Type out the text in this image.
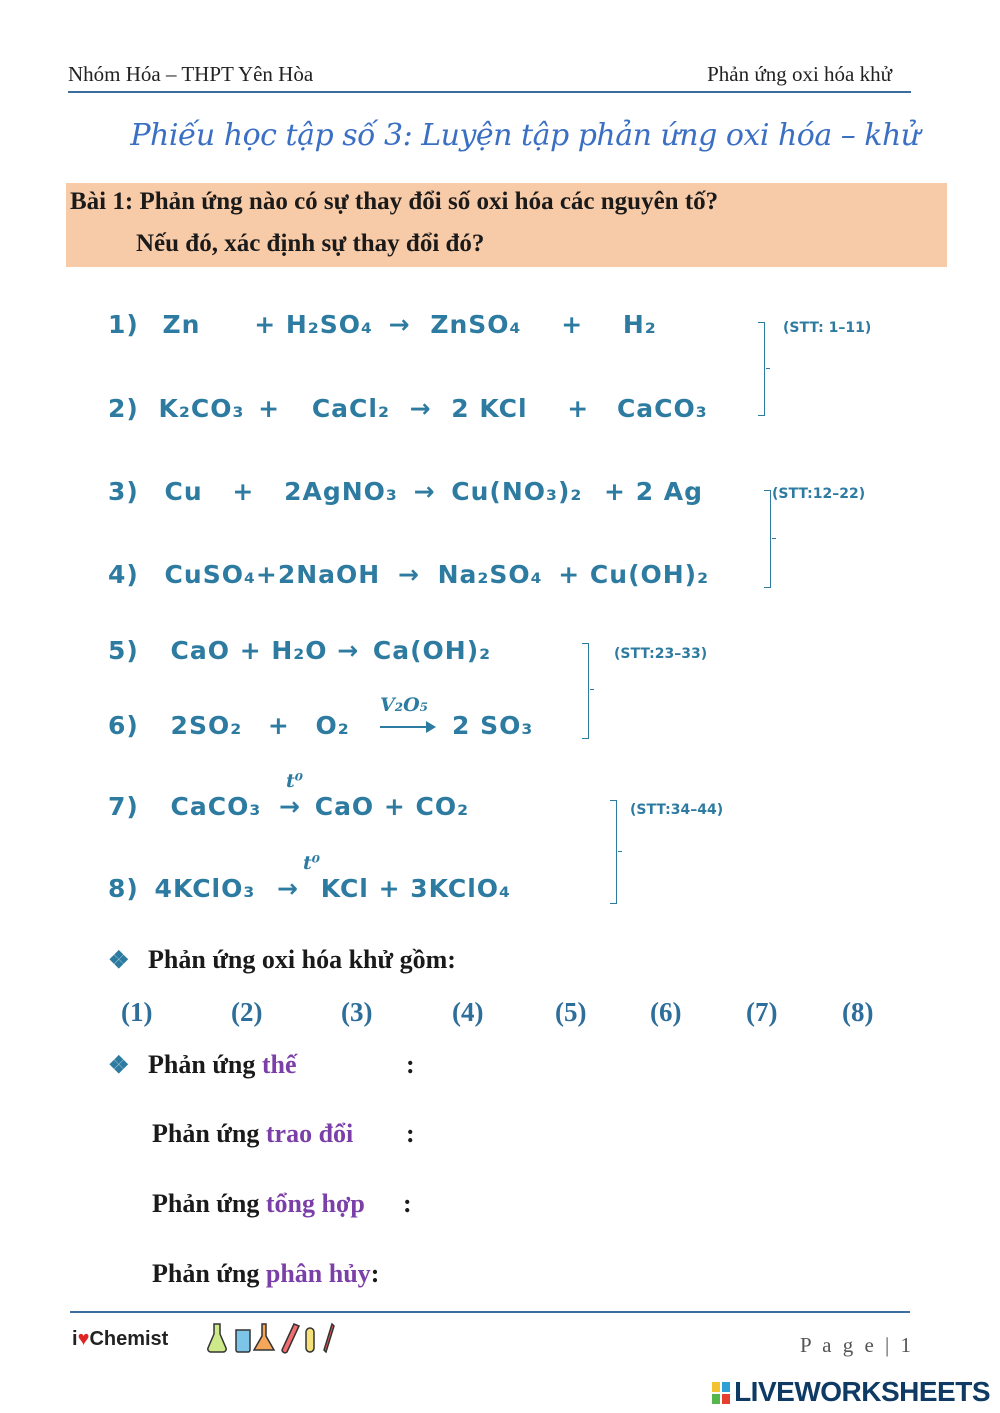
Nhóm Hóa – THPT Yên Hòa	Phản ứng oxi hóa khử
Phiếu học tập số 3: Luyện tập phản ứng oxi hóa – khử
Bài 1: Phản ứng nào có sự thay đổi số oxi hóa các nguyên tố?
Nếu đó, xác định sự thay đổi đó?
1) Zn + H₂SO₄ → ZnSO₄ + H₂
2) K₂CO₃ + CaCl₂ → 2 KCl + CaCO₃
(STT: 1–11)
3) Cu + 2AgNO₃ → Cu(NO₃)₂ + 2 Ag
4) CuSO₄+2NaOH → Na₂SO₄ + Cu(OH)₂
(STT:12–22)
5) CaO + H₂O → Ca(OH)₂
6) 2SO₂ + O₂
V₂O₅
→ 2 SO₃
(STT:23–33)
7) CaCO₃ → CaO + CO₂
t⁰
8) 4KClO₃ → KCl + 3KClO₄
t⁰
(STT:34–44)
❖ Phản ứng oxi hóa khử gồm:
(1)	(2)	(3)	(4)	(5) (6) (7) (8)
❖ Phản ứng thế	:
Phản ứng trao đổi :
Phản ứng tổng hợp :
Phản ứng phân hủy:
i♥Chemist	P a g e | 1
LIVEWORKSHEETS
